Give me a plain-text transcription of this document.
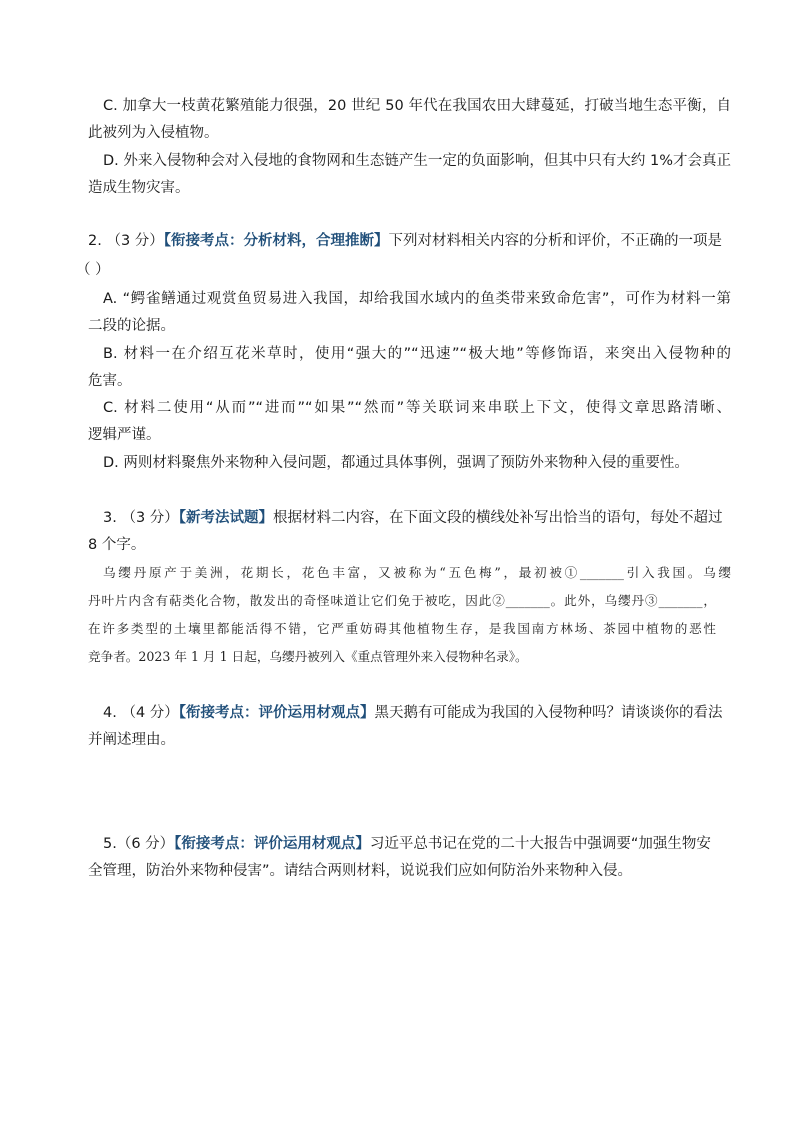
C. 加拿大一枝黄花繁殖能力很强，20 世纪 50 年代在我国农田大肆蔓延，打破当地生态平衡，自
此被列为入侵植物。
D. 外来入侵物种会对入侵地的食物网和生态链产生一定的负面影响，但其中只有大约 1%才会真正
造成生物灾害。
2. （3 分）【衔接考点：分析材料，合理推断】下列对材料相关内容的分析和评价，不正确的一项是
（ ）
A. “鳄雀鳝通过观赏鱼贸易进入我国，却给我国水域内的鱼类带来致命危害”，可作为材料一第
二段的论据。
B. 材料一在介绍互花米草时，使用“强大的”“迅速”“极大地”等修饰语，来突出入侵物种的
危害。
C. 材料二使用“从而”“进而”“如果”“然而”等关联词来串联上下文，使得文章思路清晰、
逻辑严谨。
D. 两则材料聚焦外来物种入侵问题，都通过具体事例，强调了预防外来物种入侵的重要性。
3. （3 分）【新考法试题】根据材料二内容，在下面文段的横线处补写出恰当的语句，每处不超过
8 个字。
乌缨丹原产于美洲，花期长，花色丰富，又被称为“五色梅”，最初被①_______引入我国。乌缨
丹叶片内含有萜类化合物，散发出的奇怪味道让它们免于被吃，因此②_______。此外，乌缨丹③_______，
在许多类型的土壤里都能活得不错，它严重妨碍其他植物生存，是我国南方林场、茶园中植物的恶性
竞争者。2023 年 1 月 1 日起，乌缨丹被列入《重点管理外来入侵物种名录》。
4. （4 分）【衔接考点：评价运用材观点】黑天鹅有可能成为我国的入侵物种吗？请谈谈你的看法
并阐述理由。
5.（6 分）【衔接考点：评价运用材观点】习近平总书记在党的二十大报告中强调要“加强生物安
全管理，防治外来物种侵害”。请结合两则材料，说说我们应如何防治外来物种入侵。
